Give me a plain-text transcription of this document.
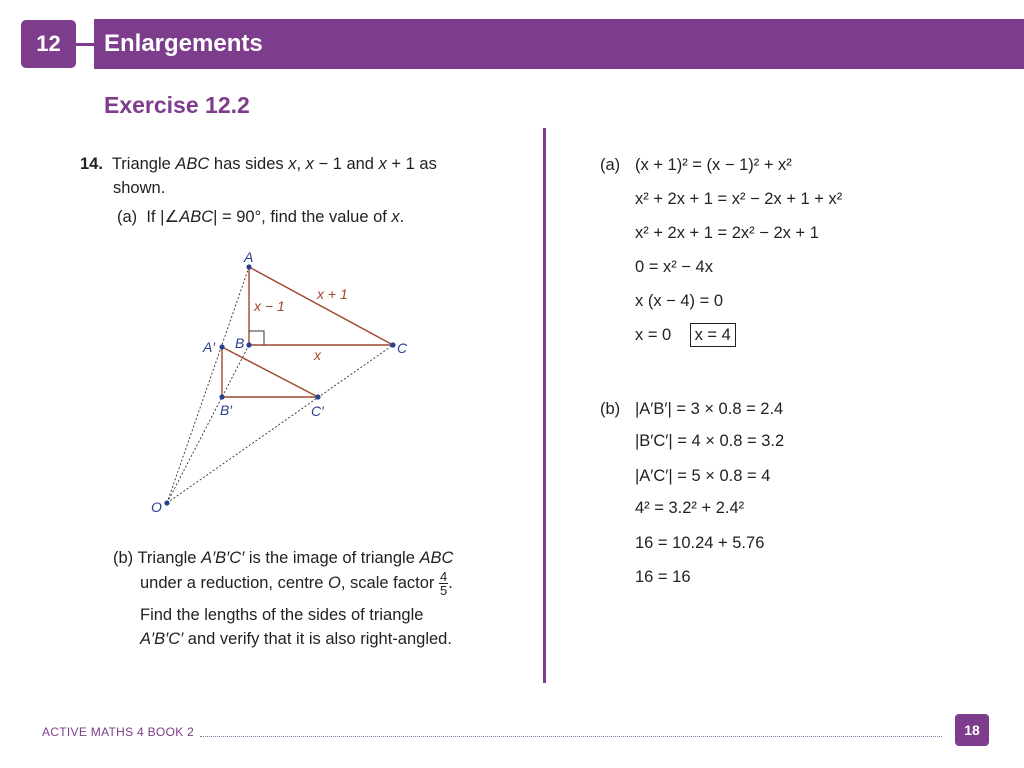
12	Enlargements
Exercise 12.2
14. Triangle ABC has sides x, x − 1 and x + 1 as
shown.
(a) If |∠ABC| = 90°, find the value of x.
A
B	C
A′
B′	C′
O
x − 1
x + 1
x
(b) Triangle A′B′C′ is the image of triangle ABC
under a reduction, centre O, scale factor $\frac{4}{5}$ .
Find the lengths of the sides of triangle
A′B′C′ and verify that it is also right-angled.
(a) (x + 1)² = (x − 1)² + x²
x² + 2x + 1 = x² − 2x + 1 + x²
x² + 2x + 1 = 2x² − 2x + 1
0 = x² − 4x
x (x − 4) = 0
x = 0 x = 4
(b) |A′B′| = 3 × 0.8 = 2.4
|B′C′| = 4 × 0.8 = 3.2
|A′C′| = 5 × 0.8 = 4
4² = 3.2² + 2.4²
16 = 10.24 + 5.76
16 = 16
ACTIVE MATHS 4 BOOK 2	18
